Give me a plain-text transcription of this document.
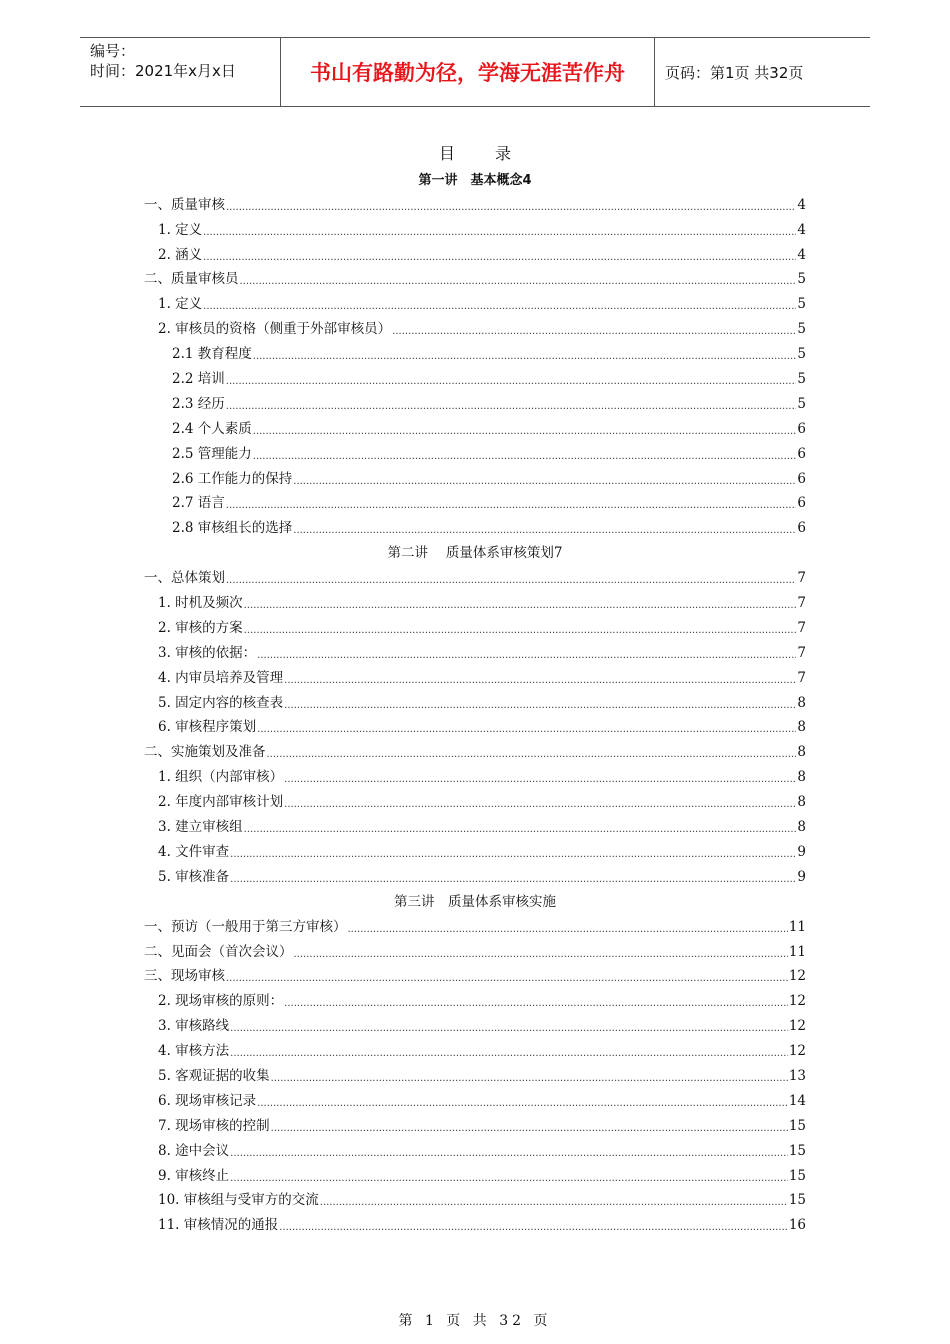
编号：
时间：2021年x月x日	书山有路勤为径，学海无涯苦作舟	页码：第1页 共32页
目	录
第一讲　基本概念4
一、质量审核 .....	4
1. 定义 .....	4
2. 涵义 .....	4
二、质量审核员 .....	5
1. 定义 .....	5
2. 审核员的资格（侧重于外部审核员） .....	5
2.1 教育程度 .....	5
2.2 培训 .....	5
2.3 经历 .....	5
2.4 个人素质 .....	6
2.5 管理能力 .....	6
2.6 工作能力的保持 .....	6
2.7 语言 .....	6
2.8 审核组长的选择 .....	6
第二讲　 质量体系审核策划7
一、总体策划 .....	7
1. 时机及频次 .....	7
2. 审核的方案 .....	7
3. 审核的依据： .....	7
4. 内审员培养及管理 .....	7
5. 固定内容的核查表 .....	8
6. 审核程序策划 .....	8
二、实施策划及准备 .....	8
1. 组织（内部审核） .....	8
2. 年度内部审核计划 .....	8
3. 建立审核组 .....	8
4. 文件审查 .....	9
5. 审核准备 .....	9
第三讲　质量体系审核实施
一、预访（一般用于第三方审核） .....	11
二、见面会（首次会议） .....	11
三、现场审核 .....	12
2. 现场审核的原则： .....	12
3. 审核路线 .....	12
4. 审核方法 .....	12
5. 客观证据的收集 .....	13
6. 现场审核记录 .....	14
7. 现场审核的控制 .....	15
8. 途中会议 .....	15
9. 审核终止 .....	15
10. 审核组与受审方的交流 .....	15
11. 审核情况的通报 .....	16
第 1 页 共 32 页
